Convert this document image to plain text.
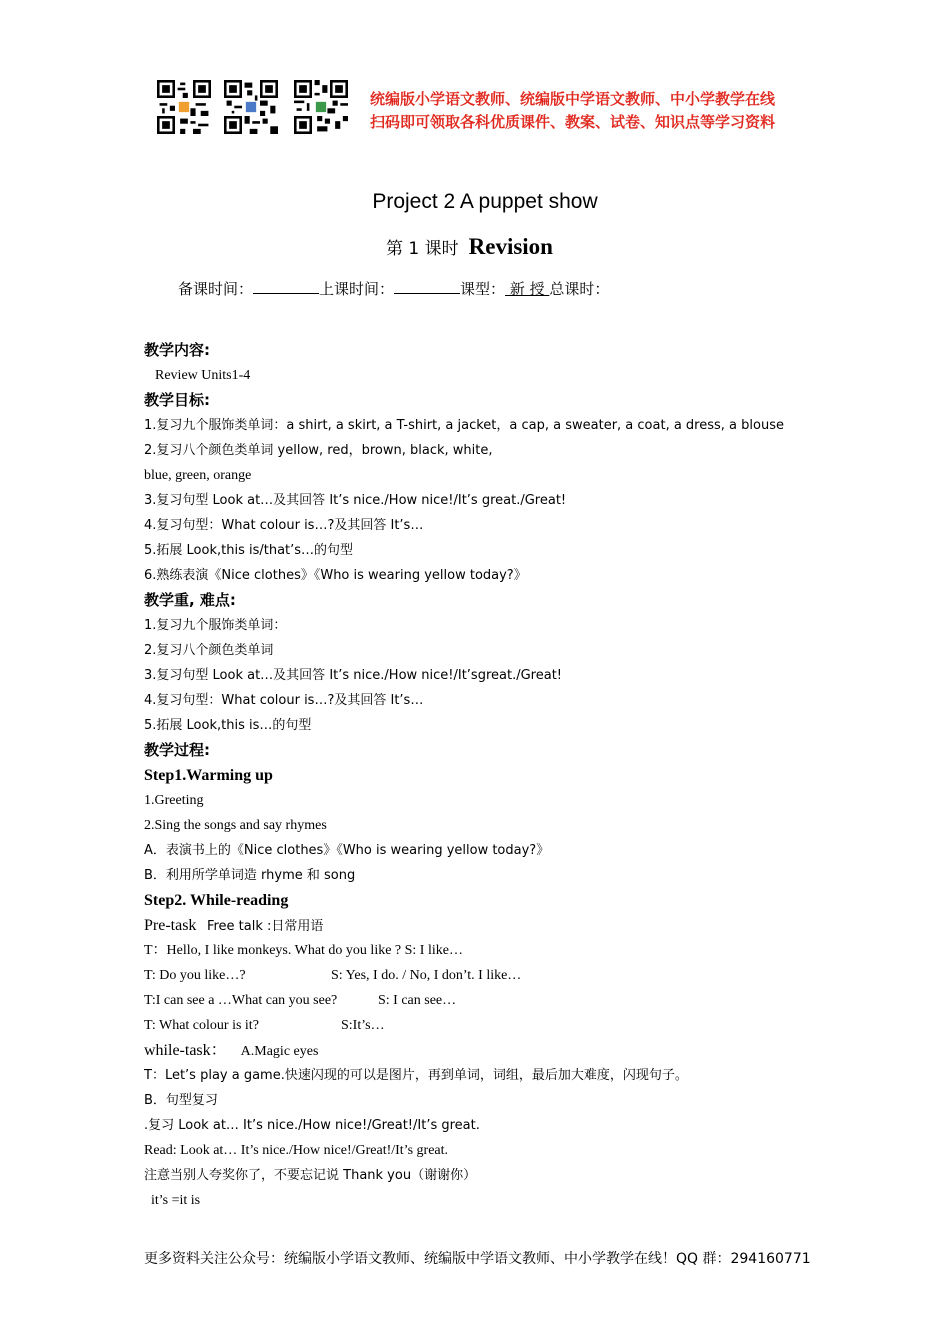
统编版小学语文教师、统编版中学语文教师、中小学教学在线
扫码即可领取各科优质课件、教案、试卷、知识点等学习资料
Project 2 A puppet show
第 1 课时 Revision
备课时间：	上课时间：	课型： 新 授 总课时：
教学内容:
Review Units1-4
教学目标:
1.复习九个服饰类单词：a shirt, a skirt, a T-shirt, a jacket，a cap, a sweater, a coat, a dress, a blouse
2.复习八个颜色类单词 yellow, red，brown, black, white,
blue, green, orange
3.复习句型 Look at…及其回答 It’s nice./How nice!/It’s great./Great!
4.复习句型：What colour is…?及其回答 It’s…
5.拓展 Look,this is/that’s…的句型
6.熟练表演《Nice clothes》《Who is wearing yellow today?》
教学重, 难点:
1.复习九个服饰类单词：
2.复习八个颜色类单词
3.复习句型 Look at…及其回答 It’s nice./How nice!/It’sgreat./Great!
4.复习句型：What colour is…?及其回答 It’s…
5.拓展 Look,this is…的句型
教学过程:
Step1.Warming up
1.Greeting
2.Sing the songs and say rhymes
A．表演书上的《Nice clothes》《Who is wearing yellow today?》
B．利用所学单词造 rhyme 和 song
Step2. While-reading
Pre-task Free talk :日常用语
T：Hello, I like monkeys. What do you like ? S: I like…
T: Do you like…?	S: Yes, I do. / No, I don’t. I like…
T:I can see a …What can you see?	S: I can see…
T: What colour is it?	S:It’s…
while-task： A.Magic eyes
T：Let’s play a game.快速闪现的可以是图片，再到单词，词组，最后加大难度，闪现句子。
B．句型复习
.复习 Look at… It’s nice./How nice!/Great!/It’s great.
Read: Look at… It’s nice./How nice!/Great!/It’s great.
注意当别人夸奖你了，不要忘记说 Thank you（谢谢你）
it’s =it is
更多资料关注公众号：统编版小学语文教师、统编版中学语文教师、中小学教学在线！QQ 群：294160771
